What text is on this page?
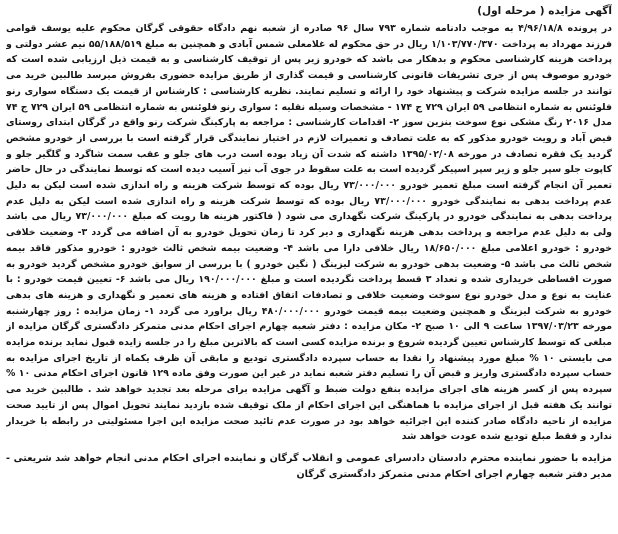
آگهی مزایده ( مرحله اول)

در پرونده ۴/۹۶/۱۸/۸ به موجب دادنامه شماره ۷۹۳ سال ۹۶ صادره از شعبه نهم دادگاه حقوقی گرگان محکوم علیه یوسف قوامی فرزند مهرداد به پرداخت ۱/۱۰۳/۷۷۰/۳۷۰ ریال در حق محکوم له غلامعلی شمس آبادی و همچنین به مبلغ ۵۵/۱۸۸/۵۱۹ نیم عشر دولتی و پرداخت هزینه کارشناسی محکوم و بدهکار می باشد که خودرو زیر پس از توقیف کارشناسی و به قیمت ذیل ارزیابی شده است که خودرو موصوف پس از جری تشریفات قانونی کارشناسی و قیمت گذاری از طریق مزایده حضوری بفروش میرسد طالبین خرید می توانند در جلسه مزایده شرکت و پیشنهاد خود را ارائه و تسلیم نمایند. نظریه کارشناسی : کارشناس از قیمت یک دستگاه سواری رنو فلوئنس به شماره انتظامی ۵۹ ایران ۷۲۹ ج ۱۷۴ - مشخصات وسیله نقلیه : سواری رنو فلوئنس به شماره انتظامی ۵۹ ایران ۷۲۹ ج ۷۴ مدل ۲۰۱۶ رنگ مشکی نوع سوخت بنزین سوز ۲- اقدامات کارشناسی : مراجعه به پارکینگ شرکت رنو واقع در گرگان ابتدای روستای فیض آباد و رویت خودرو مذکور که به علت تصادف و تعمیرات لازم در اختیار نمایندگی قرار گرفته است با بررسی از خودرو مشخص گردید یک فقره تصادف در مورخه ۱۳۹۵/۰۲/۰۸ داشته که شدت آن زیاد بوده است درب های جلو و عقب سمت شاگرد و گلگیر جلو و کاپوت جلو سپر جلو و زیر سپر اسپیکر گردیده است به علت سقوط در جوی آب نیز آسیب دیده است که توسط نمایندگی در حال حاضر تعمیر آن انجام گرفته است مبلغ تعمیر خودرو ۷۳/۰۰۰/۰۰۰ ریال بوده که توسط شرکت هزینه و راه اندازی شده است لیکن به دلیل عدم پرداخت بدهی به نمایندگی خودرو ۷۳/۰۰۰/۰۰۰ ریال بوده که توسط شرکت هزینه و راه اندازی شده است لیکن به دلیل عدم پرداخت بدهی به نمایندگی خودرو در پارکینگ شرکت نگهداری می شود ( فاکتور هزینه ها رویت که مبلغ ۷۳/۰۰۰/۰۰۰ ریال می باشد ولی به دلیل عدم مراجعه و پرداخت بدهی هزینه نگهداری و دیر کرد تا زمان تحویل خودرو به آن اضافه می گردد ۳- وضعیت خلافی خودرو : خودرو اعلامی مبلغ ۱۸/۶۵۰/۰۰۰ ریال خلافی دارا می باشد ۴- وضعیت بیمه شخص ثالث خودرو : خودرو مذکور فاقد بیمه شخص ثالث می باشد ۵- وضعیت بدهی خودرو به شرکت لیزینگ ( نگین خودرو ) با بررسی از سوابق خودرو مشخص گردید خودرو به صورت اقساطی خریداری شده و تعداد ۳ قسط پرداخت نگردیده است و مبلغ ۱۹۰/۰۰۰/۰۰۰ ریال می باشد ۶- تعیین قیمت خودرو : با عنایت به نوع و مدل خودرو نوع سوخت وضعیت خلافی و تصادفات اتفاق افتاده و هزینه های تعمیر و نگهداری و هزینه های بدهی خودرو به شرکت لیزینگ و همچنین وضعیت بیمه قیمت خودرو ۴۸۰/۰۰۰/۰۰۰ ریال براورد می گردد ۱- زمان مزایده : روز چهارشنبه مورخه ۱۳۹۷/۰۳/۲۳ ساعت ۹ الی ۱۰ صبح ۲- مکان مزایده : دفتر شعبه چهارم اجرای احکام مدنی متمرکز دادگستری گرگان مزایده از مبلغی که توسط کارشناس تعیین گردیده شروع و برنده مزایده کسی است که بالاترین مبلغ را در جلسه زایده قبول نماید برنده مزایده می بایستی ۱۰ % مبلغ مورد پیشنهاد را نقدا به حساب سپرده دادگستری تودیع و مابقی آن ظرف یکماه از تاریخ اجرای مزایده به حساب سپرده دادگستری واریز و قبض آن را تسلیم دفتر شعبه نماید در غیر این صورت وفق ماده ۱۲۹ قانون اجرای احکام مدنی ۱۰ % سپرده پس از کسر هزینه های اجرای مزایده بنفع دولت ضبط و آگهی مزایده برای مرحله بعد تجدید خواهد شد . طالبین خرید می توانند یک هفته قبل از اجرای مزایده با هماهنگی این اجرای احکام از ملک توقیف شده بازدید نمایند تحویل اموال پس از تایید صحت مزایده از ناحیه دادگاه صادر کننده این اجرائیه خواهد بود در صورت عدم تائید صحت مزایده این اجرا مسئولیتی در رابطه با خریدار ندارد و فقط مبلغ تودیع شده عودت خواهد شد

مزایده با حضور نماینده محترم دادستان دادسرای عمومی و انقلاب گرگان و نماینده اجرای احکام مدنی انجام خواهد شد شریعتی - مدیر دفتر شعبه چهارم اجرای احکام مدنی متمرکز دادگستری گرگان
